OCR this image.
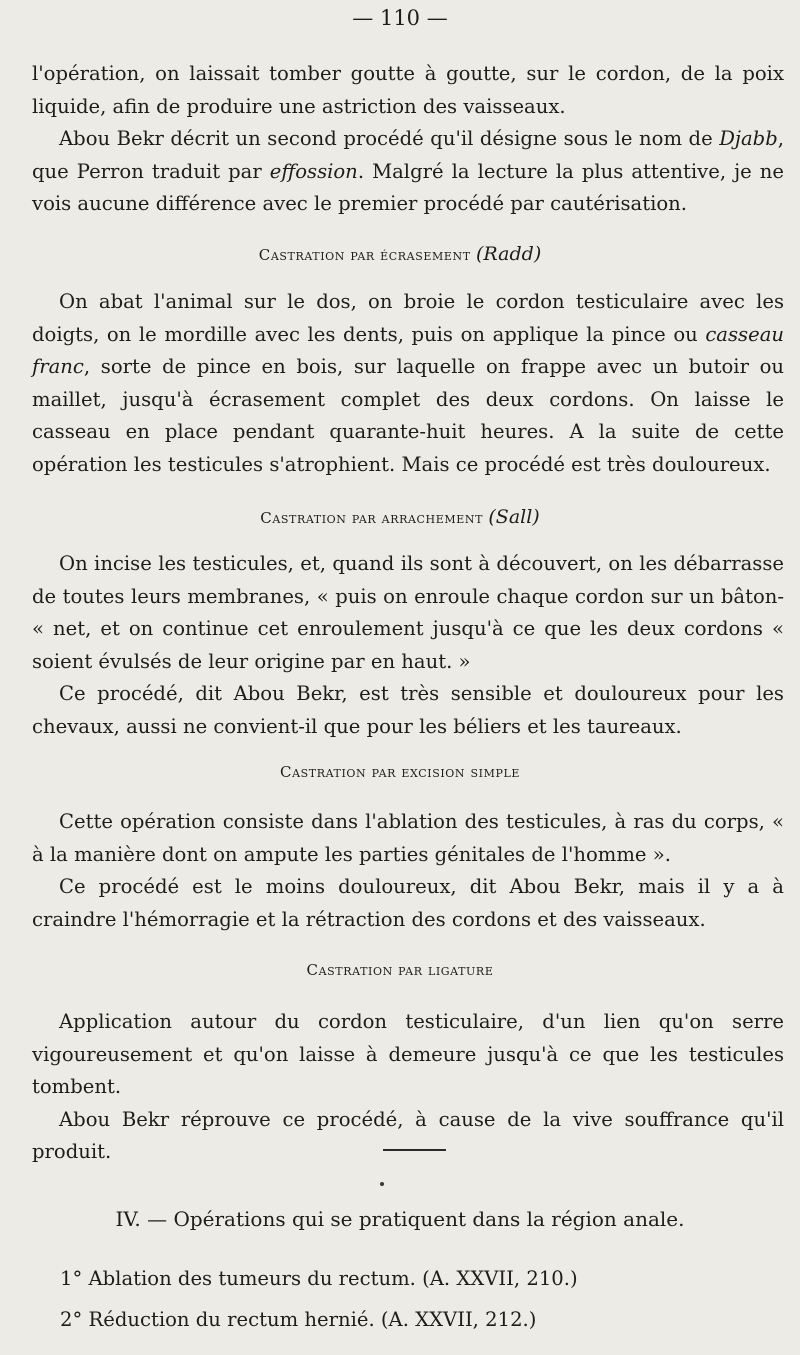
— 110 —

l'opération, on laissait tomber goutte à goutte, sur le cordon, de la poix liquide, afin de produire une astriction des vaisseaux.

Abou Bekr décrit un second procédé qu'il désigne sous le nom de Djabb, que Perron traduit par effossion. Malgré la lecture la plus attentive, je ne vois aucune différence avec le premier procédé par cautérisation.

Castration par écrasement (Radd)

On abat l'animal sur le dos, on broie le cordon testiculaire avec les doigts, on le mordille avec les dents, puis on applique la pince ou casseau franc, sorte de pince en bois, sur laquelle on frappe avec un butoir ou maillet, jusqu'à écrasement complet des deux cordons. On laisse le casseau en place pendant quarante-huit heures. A la suite de cette opération les testicules s'atrophient. Mais ce procédé est très douloureux.

Castration par arrachement (Sall)

On incise les testicules, et, quand ils sont à découvert, on les débarrasse de toutes leurs membranes, « puis on enroule chaque cordon sur un bâton- « net, et on continue cet enroulement jusqu'à ce que les deux cordons « soient évulsés de leur origine par en haut. »

Ce procédé, dit Abou Bekr, est très sensible et douloureux pour les chevaux, aussi ne convient-il que pour les béliers et les taureaux.

Castration par excision simple

Cette opération consiste dans l'ablation des testicules, à ras du corps, « à la manière dont on ampute les parties génitales de l'homme ».

Ce procédé est le moins douloureux, dit Abou Bekr, mais il y a à craindre l'hémorragie et la rétraction des cordons et des vaisseaux.

Castration par ligature

Application autour du cordon testiculaire, d'un lien qu'on serre vigoureusement et qu'on laisse à demeure jusqu'à ce que les testicules tombent.

Abou Bekr réprouve ce procédé, à cause de la vive souffrance qu'il produit.

IV. — Opérations qui se pratiquent dans la région anale.
1° Ablation des tumeurs du rectum. (A. XXVII, 210.)
2° Réduction du rectum hernié. (A. XXVII, 212.)
